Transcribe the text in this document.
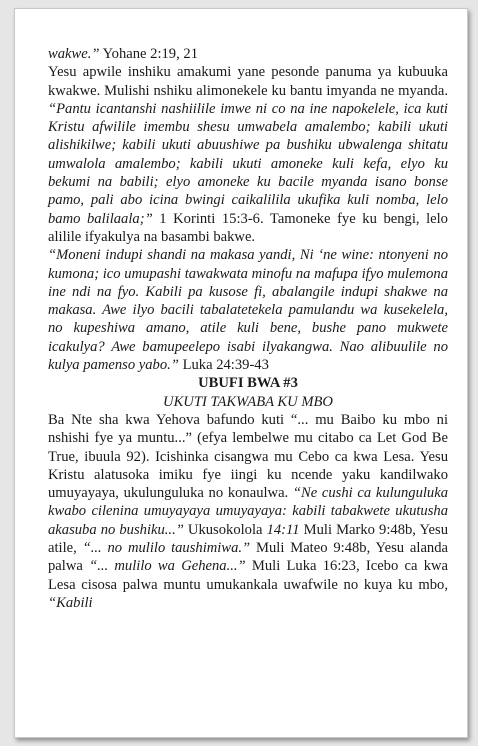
wakwe.” Yohane 2:19, 21

Yesu apwile inshiku amakumi yane pesonde panuma ya kubuuka kwakwe. Mulishi nshiku alimonekele ku bantu imyanda ne myanda. “Pantu icantanshi nashiilile imwe ni co na ine napokelele, ica kuti Kristu afwilile imembu shesu umwabela amalembo; kabili ukuti alishikilwe; kabili ukuti abuushiwe pa bushiku ubwalenga shitatu umwalola amalembo; kabili ukuti amoneke kuli kefa, elyo ku bekumi na babili; elyo amoneke ku bacile myanda isano bonse pamo, pali abo icina bwingi caikalilila ukufika kuli nomba, lelo bamo balilaala;” 1 Korinti 15:3-6. Tamoneke fye ku bengi, lelo alilile ifyakulya na basambi bakwe.

“Moneni indupi shandi na makasa yandi, Ni ‘ne wine: ntonyeni no kumona; ico umupashi tawakwata minofu na mafupa ifyo mulemona ine ndi na fyo. Kabili pa kusose fi, abalangile indupi shakwe na makasa. Awe ilyo bacili tabalatetekela pamulandu wa kusekelela, no kupeshiwa amano, atile kuli bene, bushe pano mukwete icakulya? Awe bamupeelepo isabi ilyakangwa. Nao alibuulile no kulya pamenso yabo.” Luka 24:39-43

UBUFI BWA #3

UKUTI TAKWABA KU MBO

Ba Nte sha kwa Yehova bafundo kuti “... mu Baibo ku mbo ni nshishi fye ya muntu...” (efya lembelwe mu citabo ca Let God Be True, ibuula 92). Icishinka cisangwa mu Cebo ca kwa Lesa. Yesu Kristu alatusoka imiku fye iingi ku ncende yaku kandilwako umuyayaya, ukulunguluka no konaulwa. “Ne cushi ca kulunguluka kwabo cilenina umuyayaya umuyayaya: kabili tabakwete ukutusha akasuba no bushiku...” Ukusokolola 14:11 Muli Marko 9:48b, Yesu atile, “... no mulilo taushimiwa.” Muli Mateo 9:48b, Yesu alanda palwa “... mulilo wa Gehena...” Muli Luka 16:23, Icebo ca kwa Lesa cisosa palwa muntu umukankala uwafwile no kuya ku mbo, “Kabili
